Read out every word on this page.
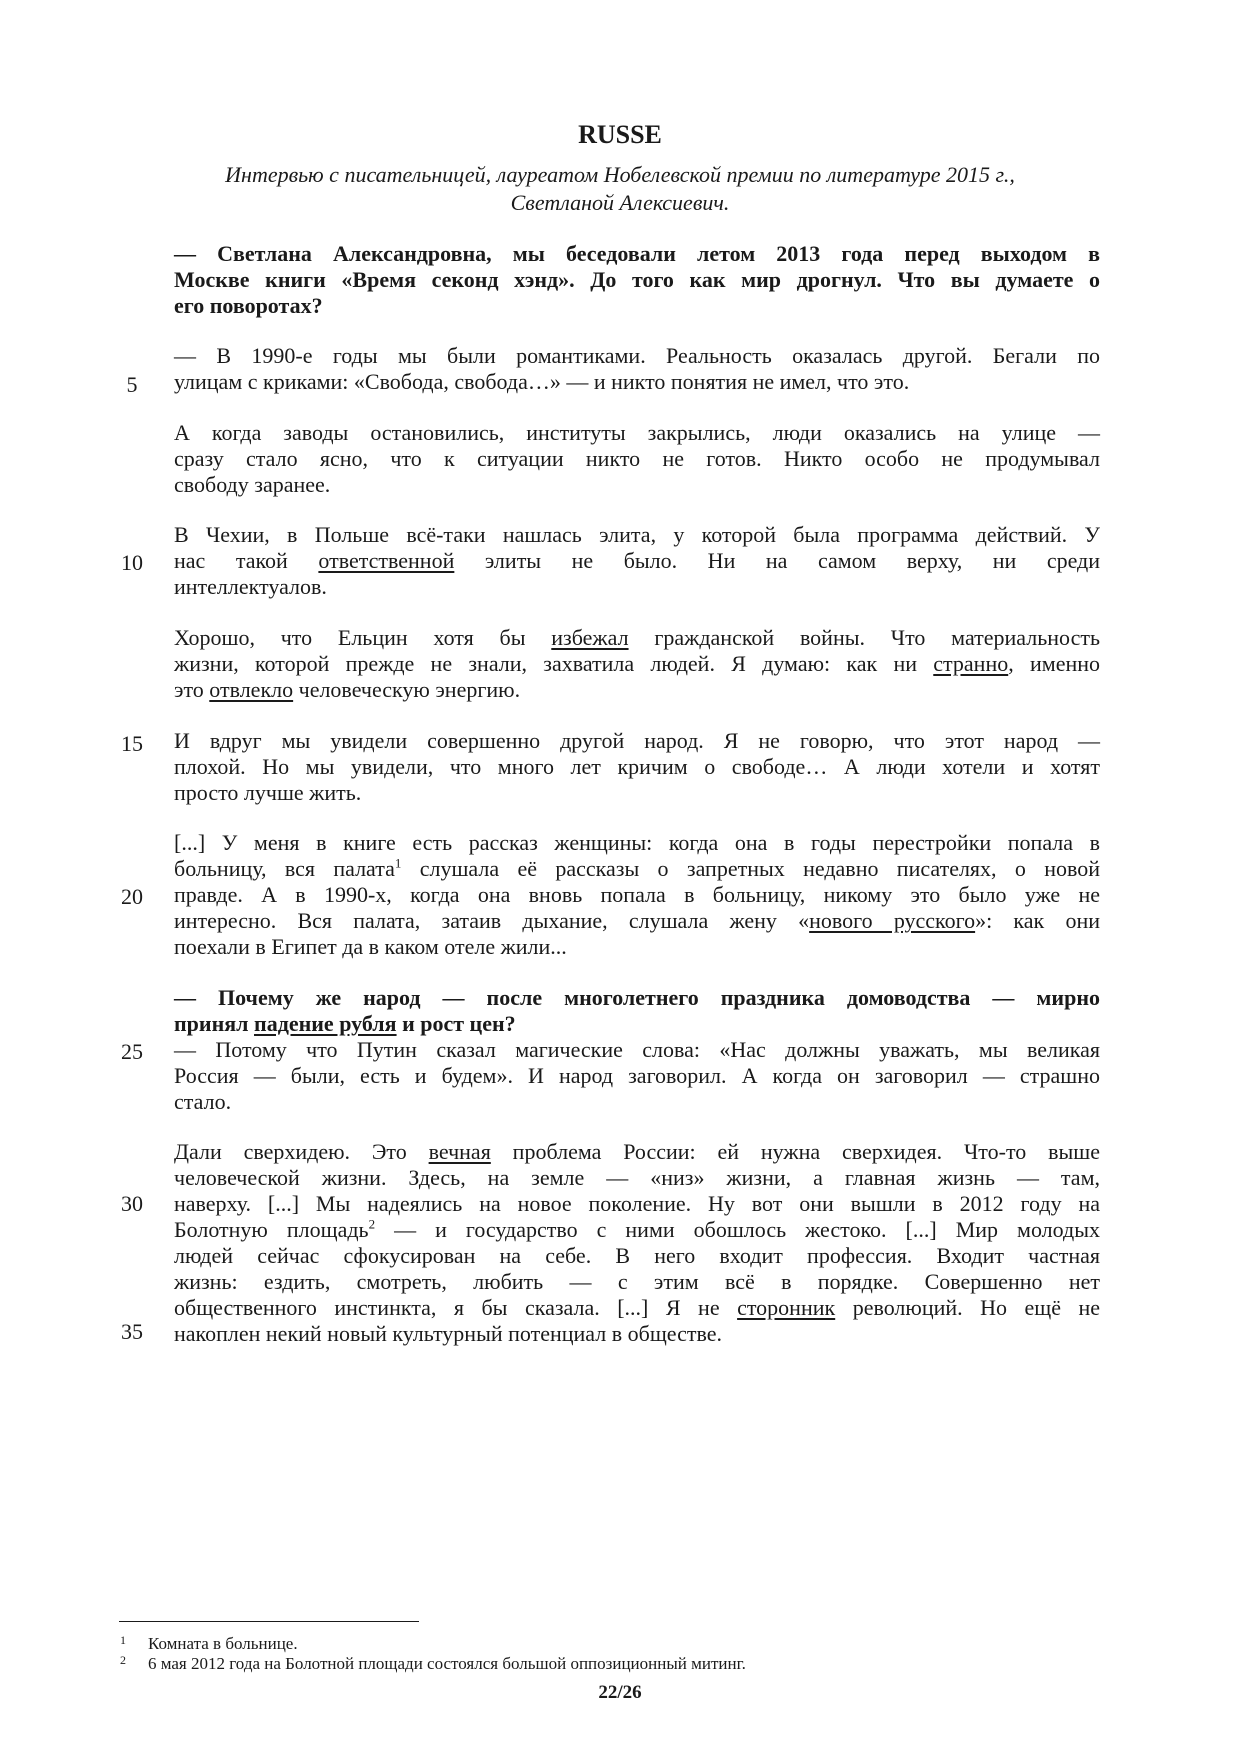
RUSSE
Интервью с писательницей, лауреатом Нобелевской премии по литературе 2015 г.,
Светланой Алексиевич.
5
10
15
20
25
30
35
— Светлана Александровна, мы беседовали летом 2013 года перед выходом в
Москве книги «Время секонд хэнд». До того как мир дрогнул. Что вы думаете о
его поворотах?
— В 1990-е годы мы были романтиками. Реальность оказалась другой. Бегали по
улицам с криками: «Свобода, свобода…» — и никто понятия не имел, что это.
А когда заводы остановились, институты закрылись, люди оказались на улице —
сразу стало ясно, что к ситуации никто не готов. Никто особо не продумывал
свободу заранее.
В Чехии, в Польше всё-таки нашлась элита, у которой была программа действий. У
нас такой ответственной элиты не было. Ни на самом верху, ни среди
интеллектуалов.
Хорошо, что Ельцин хотя бы избежал гражданской войны. Что материальность
жизни, которой прежде не знали, захватила людей. Я думаю: как ни странно, именно
это отвлекло человеческую энергию.
И вдруг мы увидели совершенно другой народ. Я не говорю, что этот народ —
плохой. Но мы увидели, что много лет кричим о свободе… А люди хотели и хотят
просто лучше жить.
[...] У меня в книге есть рассказ женщины: когда она в годы перестройки попала в
больницу, вся палата$^1$ слушала её рассказы о запретных недавно писателях, о новой
правде. А в 1990-х, когда она вновь попала в больницу, никому это было уже не
интересно. Вся палата, затаив дыхание, слушала жену «нового русского»: как они
поехали в Египет да в каком отеле жили...
— Почему же народ — после многолетнего праздника домоводства — мирно
принял падение рубля и рост цен?
— Потому что Путин сказал магические слова: «Нас должны уважать, мы великая
Россия — были, есть и будем». И народ заговорил. А когда он заговорил — страшно
стало.
Дали сверхидею. Это вечная проблема России: ей нужна сверхидея. Что-то выше
человеческой жизни. Здесь, на земле — «низ» жизни, а главная жизнь — там,
наверху. [...] Мы надеялись на новое поколение. Ну вот они вышли в 2012 году на
Болотную площадь$^2$ — и государство с ними обошлось жестоко. [...] Мир молодых
людей сейчас сфокусирован на себе. В него входит профессия. Входит частная
жизнь: ездить, смотреть, любить — с этим всё в порядке. Совершенно нет
общественного инстинкта, я бы сказала. [...] Я не сторонник революций. Но ещё не
накоплен некий новый культурный потенциал в обществе.
1 Комната в больнице.
2 6 мая 2012 года на Болотной площади состоялся большой оппозиционный митинг.
22/26
